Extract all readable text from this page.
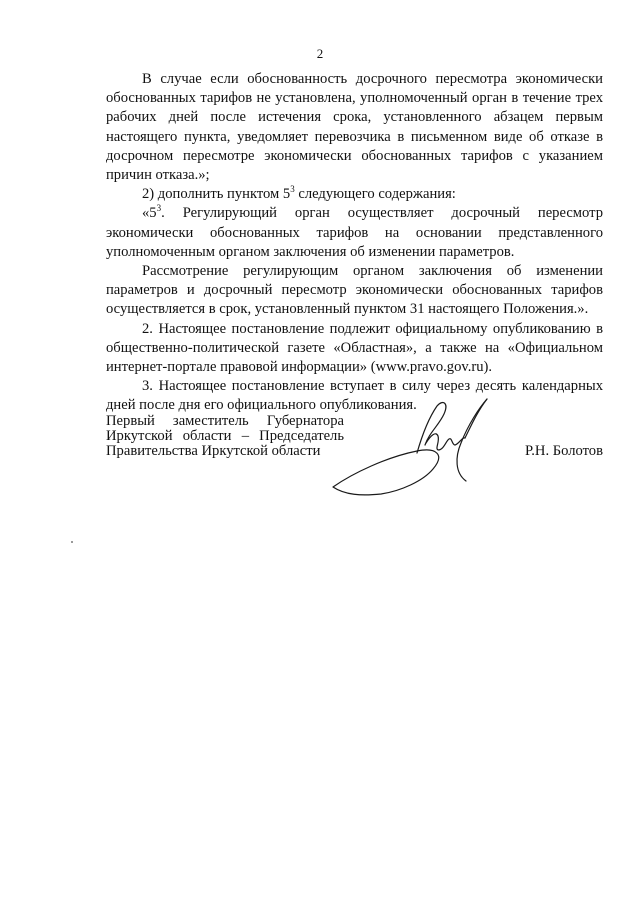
2

В случае если обоснованность досрочного пересмотра экономически обоснованных тарифов не установлена, уполномоченный орган в течение трех рабочих дней после истечения срока, установленного абзацем первым настоящего пункта, уведомляет перевозчика в письменном виде об отказе в досрочном пересмотре экономически обоснованных тарифов с указанием причин отказа.»;

2) дополнить пунктом $5^3$ следующего содержания:

«$5^3$. Регулирующий орган осуществляет досрочный пересмотр экономически обоснованных тарифов на основании представленного уполномоченным органом заключения об изменении параметров.

Рассмотрение регулирующим органом заключения об изменении параметров и досрочный пересмотр экономически обоснованных тарифов осуществляется в срок, установленный пунктом 31 настоящего Положения.».

2. Настоящее постановление подлежит официальному опубликованию в общественно-политической газете «Областная», а также на «Официальном интернет-портале правовой информации» (www.pravo.gov.ru).

3. Настоящее постановление вступает в силу через десять календарных дней после дня его официального опубликования.

Первый заместитель Губернатора
Иркутской области – Председатель
Правительства Иркутской области	Р.Н. Болотов
